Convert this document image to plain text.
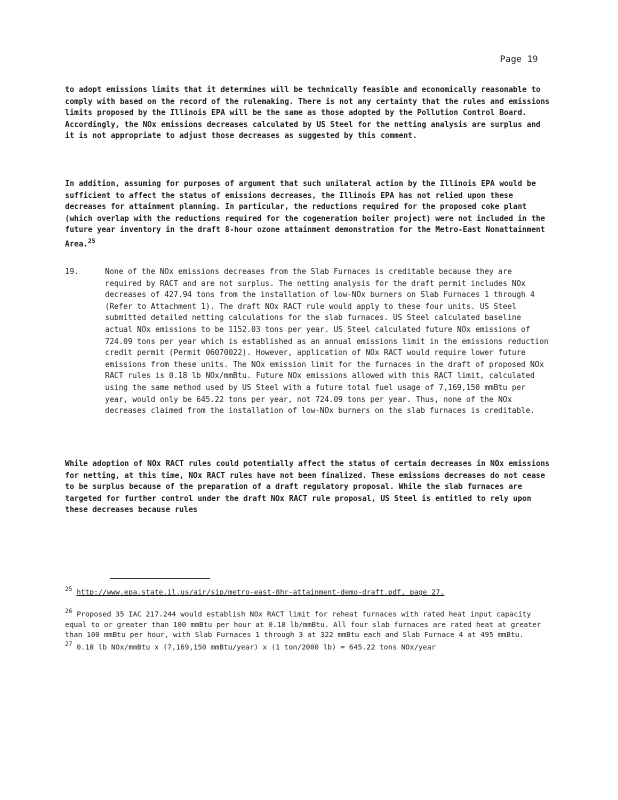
Page 19
to adopt emissions limits that it determines will be technically feasible and economically reasonable to comply with based on the record of the rulemaking. There is not any certainty that the rules and emissions limits proposed by the Illinois EPA will be the same as those adopted by the Pollution Control Board. Accordingly, the NOx emissions decreases calculated by US Steel for the netting analysis are surplus and it is not appropriate to adjust those decreases as suggested by this comment.
In addition, assuming for purposes of argument that such unilateral action by the Illinois EPA would be sufficient to affect the status of emissions decreases, the Illinois EPA has not relied upon these decreases for attainment planning. In particular, the reductions required for the proposed coke plant (which overlap with the reductions required for the cogeneration boiler project) were not included in the future year inventory in the draft 8-hour ozone attainment demonstration for the Metro-East Nonattainment Area.$^{25}$
19.	None of the NOx emissions decreases from the Slab Furnaces is creditable because they are required by RACT and are not surplus. The netting analysis for the draft permit includes NOx decreases of 427.94 tons from the installation of low-NOx burners on Slab Furnaces 1 through 4 (Refer to Attachment 1). The draft NOx RACT rule would apply to these four units. US Steel submitted detailed netting calculations for the slab furnaces. US Steel calculated baseline actual NOx emissions to be 1152.03 tons per year. US Steel calculated future NOx emissions of 724.09 tons per year which is established as an annual emissions limit in the emissions reduction credit permit (Permit 06070022). However, application of NOx RACT would require lower future emissions from these units. The NOx emission limit for the furnaces in the draft of proposed NOx RACT rules is 0.18 lb NOx/mmBtu. Future NOx emissions allowed with this RACT limit, calculated using the same method used by US Steel with a future total fuel usage of 7,169,150 mmBtu per year, would only be 645.22 tons per year, not 724.09 tons per year. Thus, none of the NOx decreases claimed from the installation of low-NOx burners on the slab furnaces is creditable.
While adoption of NOx RACT rules could potentially affect the status of certain decreases in NOx emissions for netting, at this time, NOx RACT rules have not been finalized. These emissions decreases do not cease to be surplus because of the preparation of a draft regulatory proposal. While the slab furnaces are targeted for further control under the draft NOx RACT rule proposal, US Steel is entitled to rely upon these decreases because rules
$^{25}$ http://www.epa.state.il.us/air/sip/metro-east-8hr-attainment-demo-draft.pdf, page 27.
$^{26}$ Proposed 35 IAC 217.244 would establish NOx RACT limit for reheat furnaces with rated heat input capacity equal to or greater than 100 mmBtu per hour at 0.18 lb/mmBtu. All four slab furnaces are rated heat at greater than 100 mmBtu per hour, with Slab Furnaces 1 through 3 at 322 mmBtu each and Slab Furnace 4 at 495 mmBtu.
$^{27}$ 0.18 lb NOx/mmBtu x (7,169,150 mmBtu/year) x (1 ton/2000 lb) = 645.22 tons NOx/year
